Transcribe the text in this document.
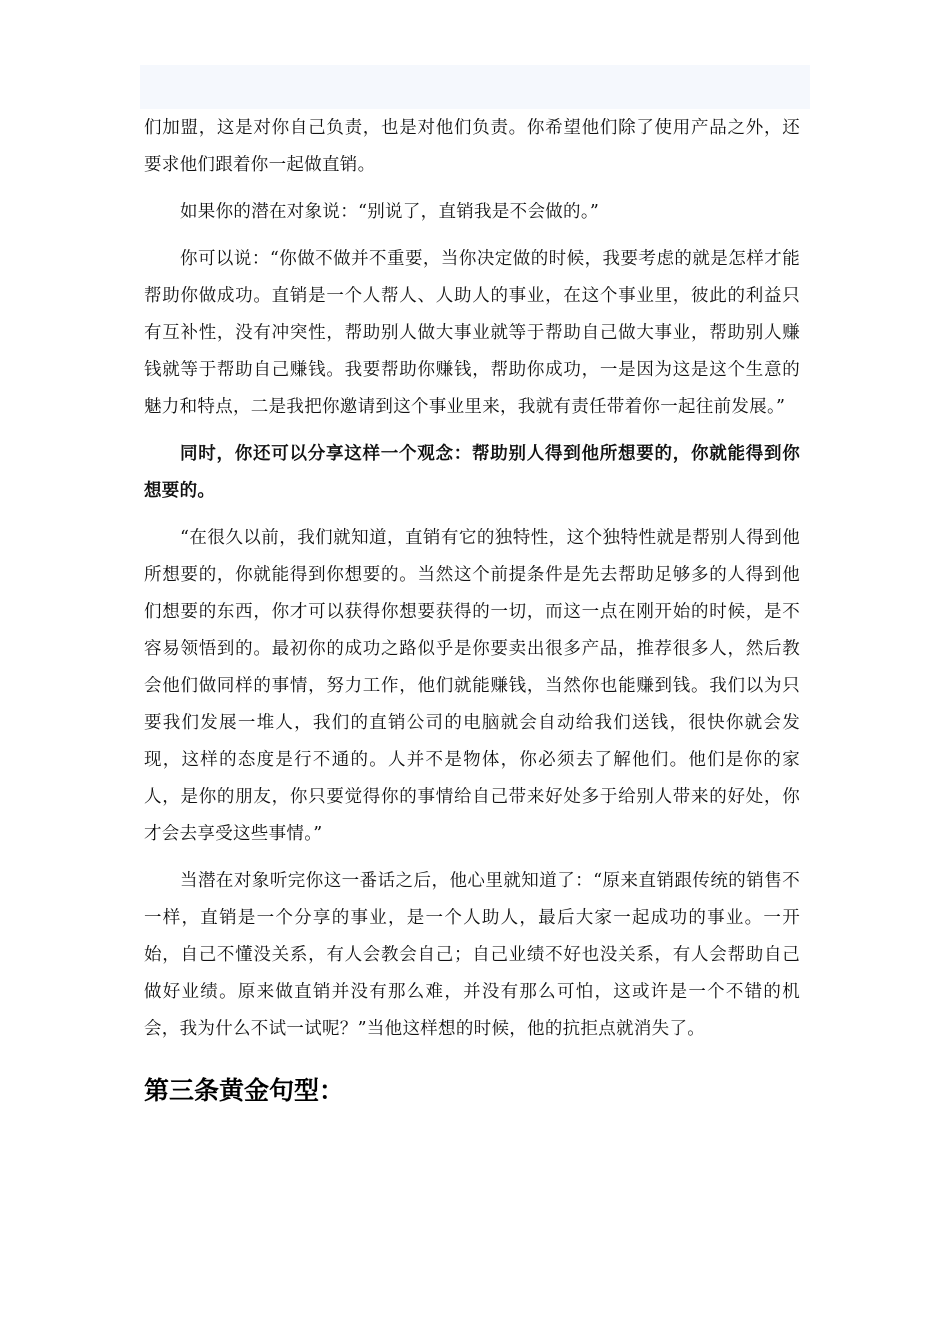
们加盟，这是对你自己负责，也是对他们负责。你希望他们除了使用产品之外，还要求他们跟着你一起做直销。

如果你的潜在对象说：“别说了，直销我是不会做的。”

你可以说：“你做不做并不重要，当你决定做的时候，我要考虑的就是怎样才能帮助你做成功。直销是一个人帮人、人助人的事业，在这个事业里，彼此的利益只有互补性，没有冲突性，帮助别人做大事业就等于帮助自己做大事业，帮助别人赚钱就等于帮助自己赚钱。我要帮助你赚钱，帮助你成功，一是因为这是这个生意的魅力和特点，二是我把你邀请到这个事业里来，我就有责任带着你一起往前发展。”

同时，你还可以分享这样一个观念：帮助别人得到他所想要的，你就能得到你想要的。

“在很久以前，我们就知道，直销有它的独特性，这个独特性就是帮别人得到他所想要的，你就能得到你想要的。当然这个前提条件是先去帮助足够多的人得到他们想要的东西，你才可以获得你想要获得的一切，而这一点在刚开始的时候，是不容易领悟到的。最初你的成功之路似乎是你要卖出很多产品，推荐很多人，然后教会他们做同样的事情，努力工作，他们就能赚钱，当然你也能赚到钱。我们以为只要我们发展一堆人，我们的直销公司的电脑就会自动给我们送钱，很快你就会发现，这样的态度是行不通的。人并不是物体，你必须去了解他们。他们是你的家人，是你的朋友，你只要觉得你的事情给自己带来好处多于给别人带来的好处，你才会去享受这些事情。”

当潜在对象听完你这一番话之后，他心里就知道了：“原来直销跟传统的销售不一样，直销是一个分享的事业，是一个人助人，最后大家一起成功的事业。一开始，自己不懂没关系，有人会教会自己；自己业绩不好也没关系，有人会帮助自己做好业绩。原来做直销并没有那么难，并没有那么可怕，这或许是一个不错的机会，我为什么不试一试呢？”当他这样想的时候，他的抗拒点就消失了。

第三条黄金句型：
